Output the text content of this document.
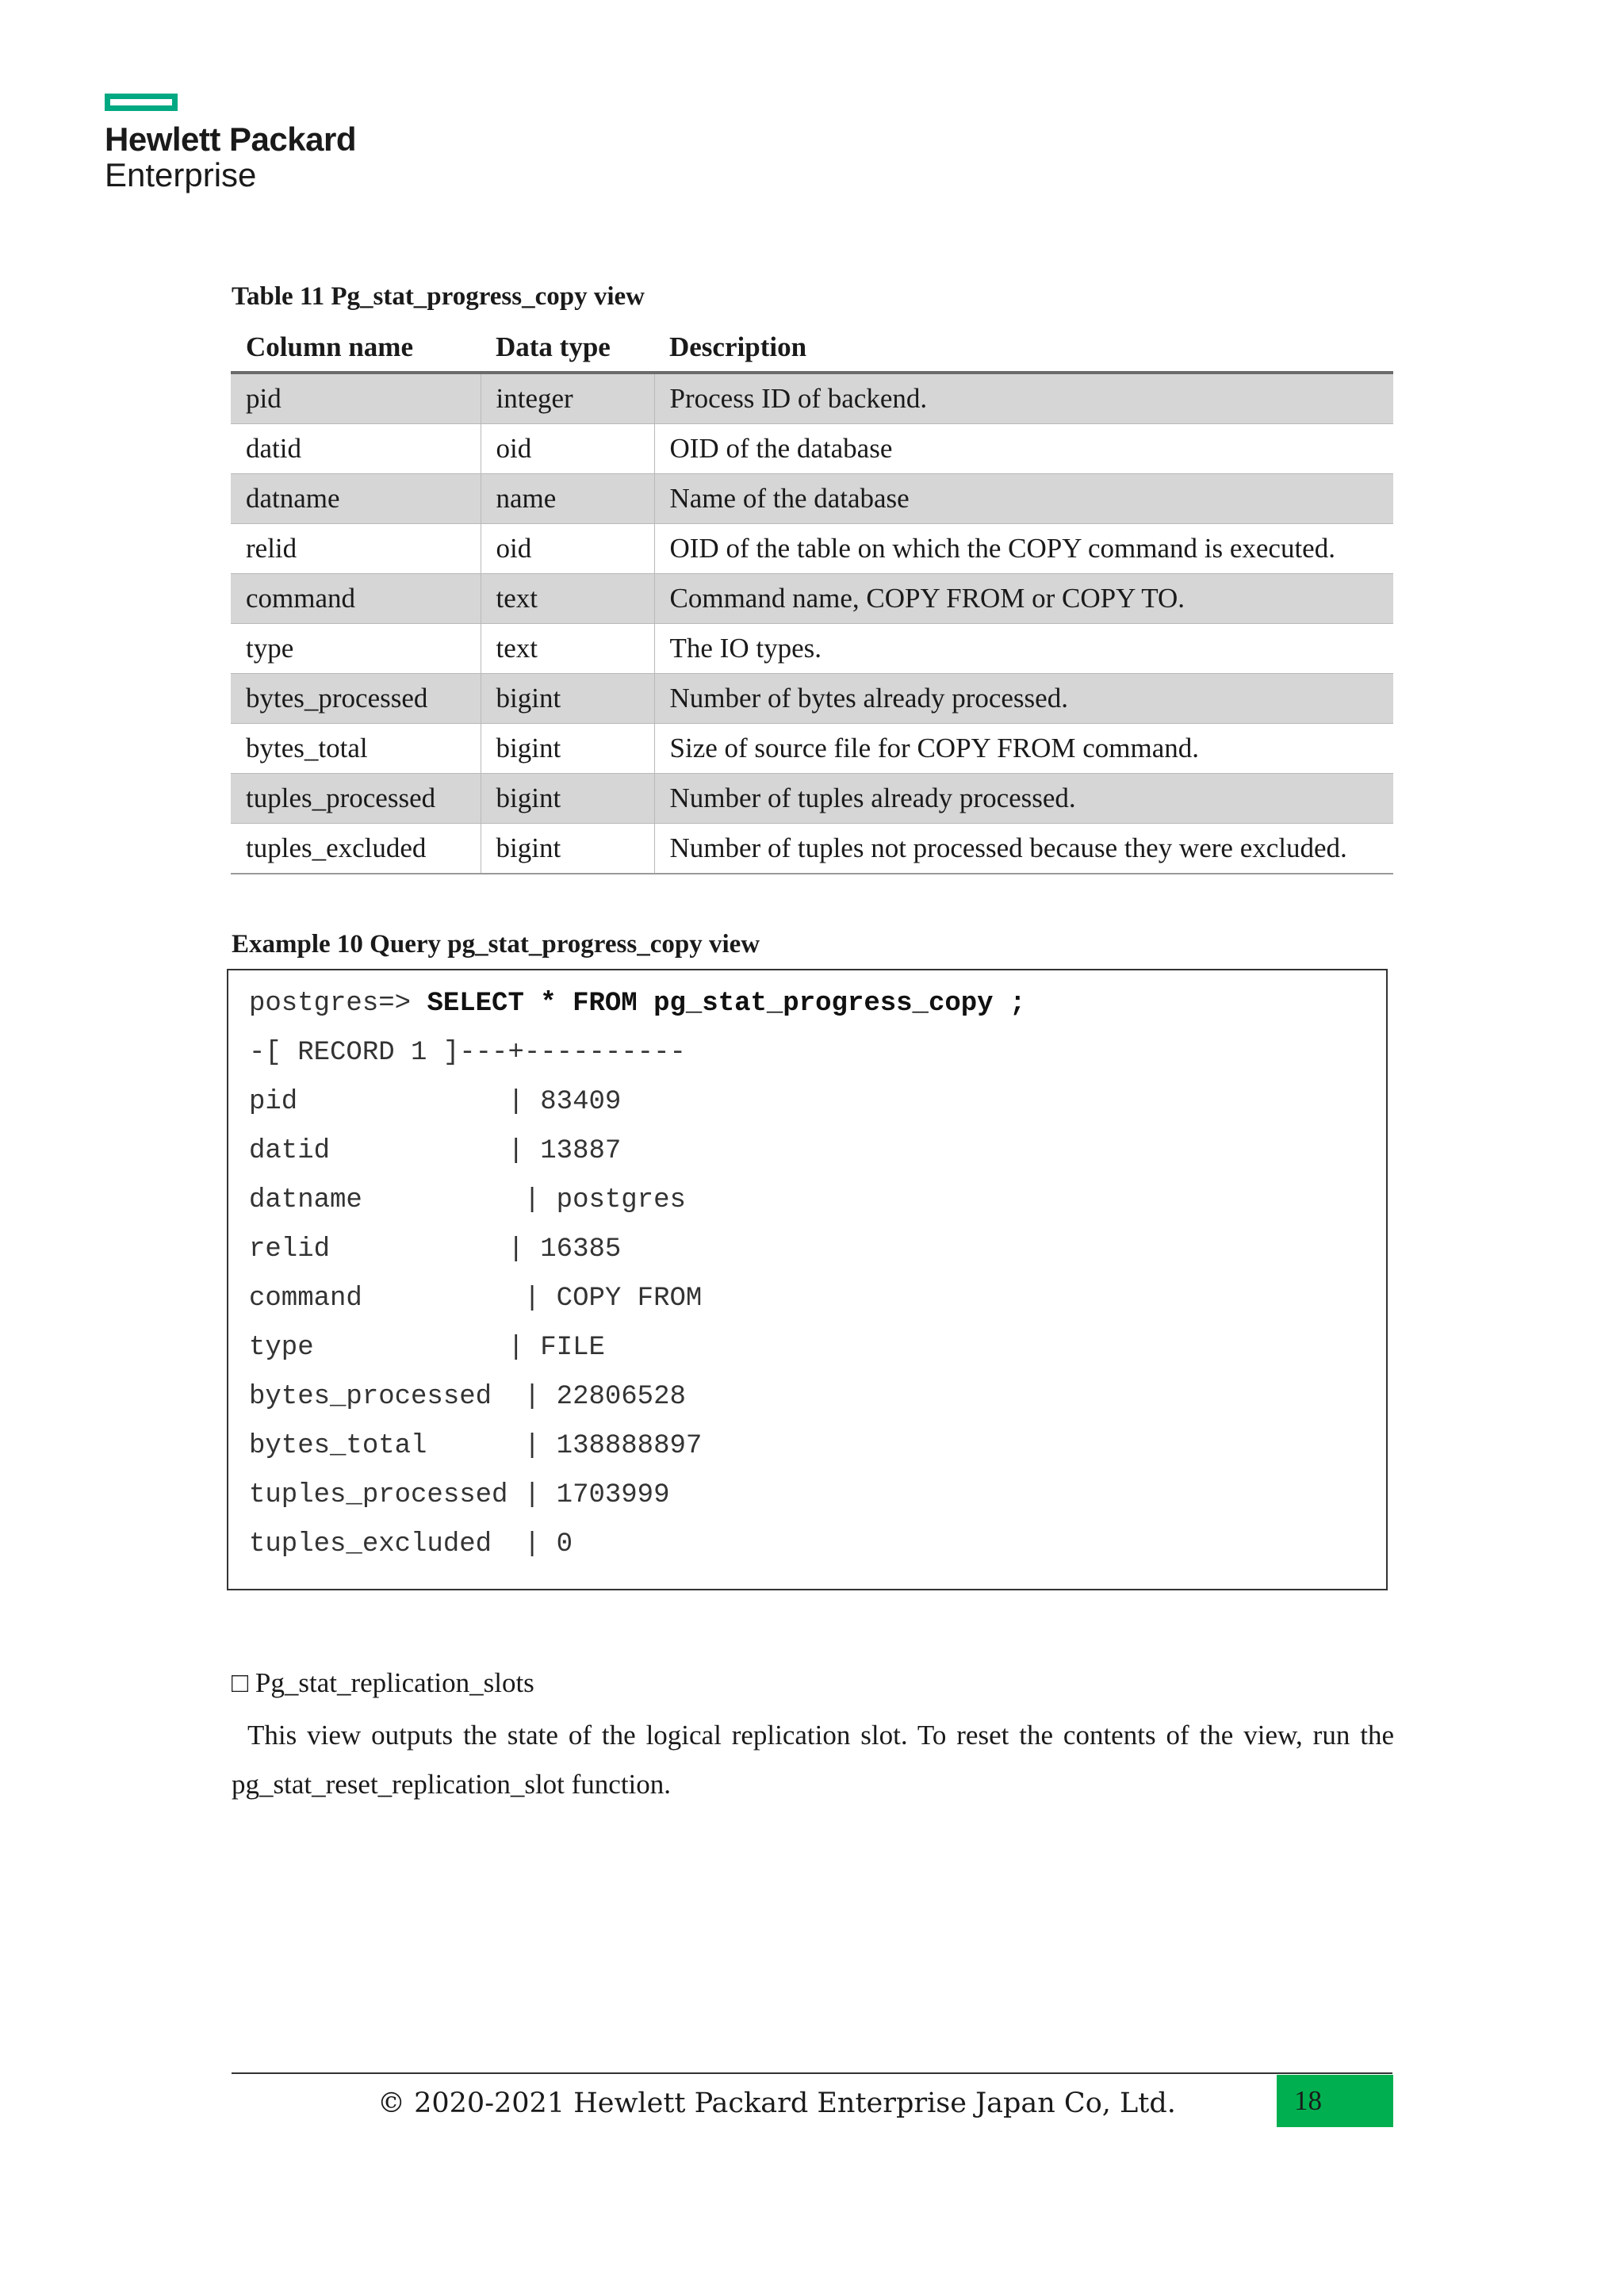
Hewlett Packard
Enterprise
Table 11 Pg_stat_progress_copy view
Column name	Data type	Description
pid	integer	Process ID of backend.
datid	oid	OID of the database
datname	name	Name of the database
relid	oid	OID of the table on which the COPY command is executed.
command	text	Command name, COPY FROM or COPY TO.
type	text	The IO types.
bytes_processed	bigint	Number of bytes already processed.
bytes_total	bigint	Size of source file for COPY FROM command.
tuples_processed	bigint	Number of tuples already processed.
tuples_excluded	bigint	Number of tuples not processed because they were excluded.
Example 10 Query pg_stat_progress_copy view
postgres=> SELECT * FROM pg_stat_progress_copy ;
-[ RECORD 1 ]---+----------
pid             | 83409
datid           | 13887
datname          | postgres
relid           | 16385
command          | COPY FROM
type            | FILE
bytes_processed  | 22806528
bytes_total      | 138888897
tuples_processed | 1703999
tuples_excluded  | 0
□ Pg_stat_replication_slots
This view outputs the state of the logical replication slot. To reset the contents of the view, run the pg_stat_reset_replication_slot function.
© 2020-2021 Hewlett Packard Enterprise Japan Co, Ltd.	18
